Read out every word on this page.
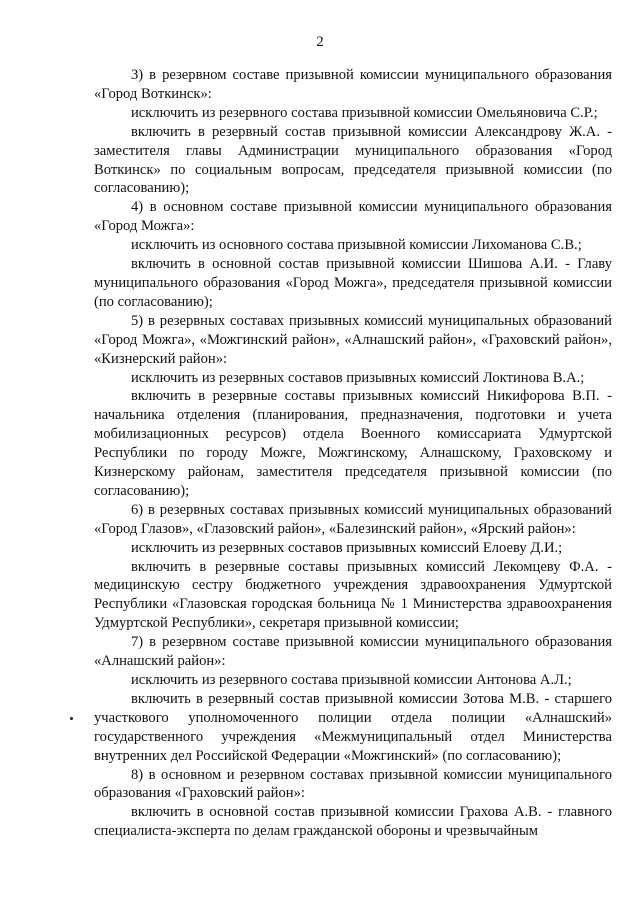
2

3) в резервном составе призывной комиссии муниципального образования «Город Воткинск»:

исключить из резервного состава призывной комиссии Омельяновича С.Р.;

включить в резервный состав призывной комиссии Александрову Ж.А. - заместителя главы Администрации муниципального образования «Город Воткинск» по социальным вопросам, председателя призывной комиссии (по согласованию);

4) в основном составе призывной комиссии муниципального образования «Город Можга»:

исключить из основного состава призывной комиссии Лихоманова С.В.;

включить в основной состав призывной комиссии Шишова А.И. - Главу муниципального образования «Город Можга», председателя призывной комиссии (по согласованию);

5) в резервных составах призывных комиссий муниципальных образований «Город Можга», «Можгинский район», «Алнашский район», «Граховский район», «Кизнерский район»:

исключить из резервных составов призывных комиссий Локтинова В.А.;

включить в резервные составы призывных комиссий Никифорова В.П. - начальника отделения (планирования, предназначения, подготовки и учета мобилизационных ресурсов) отдела Военного комиссариата Удмуртской Республики по городу Можге, Можгинскому, Алнашскому, Граховскому и Кизнерскому районам, заместителя председателя призывной комиссии (по согласованию);

6) в резервных составах призывных комиссий муниципальных образований «Город Глазов», «Глазовский район», «Балезинский район», «Ярский район»:

исключить из резервных составов призывных комиссий Елоеву Д.И.;

включить в резервные составы призывных комиссий Лекомцеву Ф.А. - медицинскую сестру бюджетного учреждения здравоохранения Удмуртской Республики «Глазовская городская больница № 1 Министерства здравоохранения Удмуртской Республики», секретаря призывной комиссии;

7) в резервном составе призывной комиссии муниципального образования «Алнашский район»:

исключить из резервного состава призывной комиссии Антонова А.Л.;

включить в резервный состав призывной комиссии Зотова М.В. - старшего участкового уполномоченного полиции отдела полиции «Алнашский» государственного учреждения «Межмуниципальный отдел Министерства внутренних дел Российской Федерации «Можгинский» (по согласованию);

8) в основном и резервном составах призывной комиссии муниципального образования «Граховский район»:

включить в основной состав призывной комиссии Грахова А.В. - главного специалиста-эксперта по делам гражданской обороны и чрезвычайным
